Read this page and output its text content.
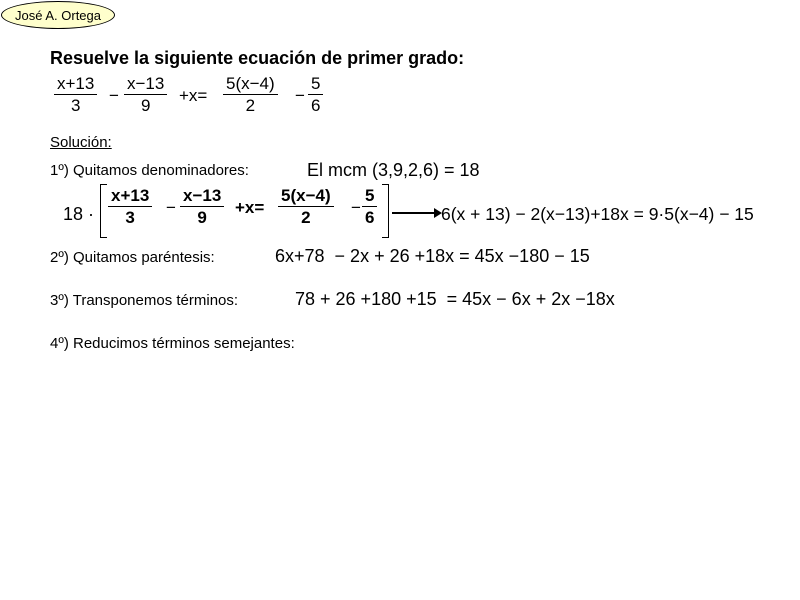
José A. Ortega
Resuelve la siguiente ecuación de primer grado:
x+13
3
−
x−13
9
+x=
5(x−4)
2
−
5
6
Solución:
1º) Quitamos denominadores:	El mcm (3,9,2,6) = 18
18 ·
x+13
3
−
x−13
9
+x=
5(x−4)
2
−
5
6	6(x + 13) − 2(x−13)+18x = 9·5(x−4) − 15
2º) Quitamos paréntesis:	6x+78  − 2x + 26 +18x = 45x −180 − 15
3º) Transponemos términos:	78 + 26 +180 +15  = 45x − 6x + 2x −18x
4º) Reducimos términos semejantes:
